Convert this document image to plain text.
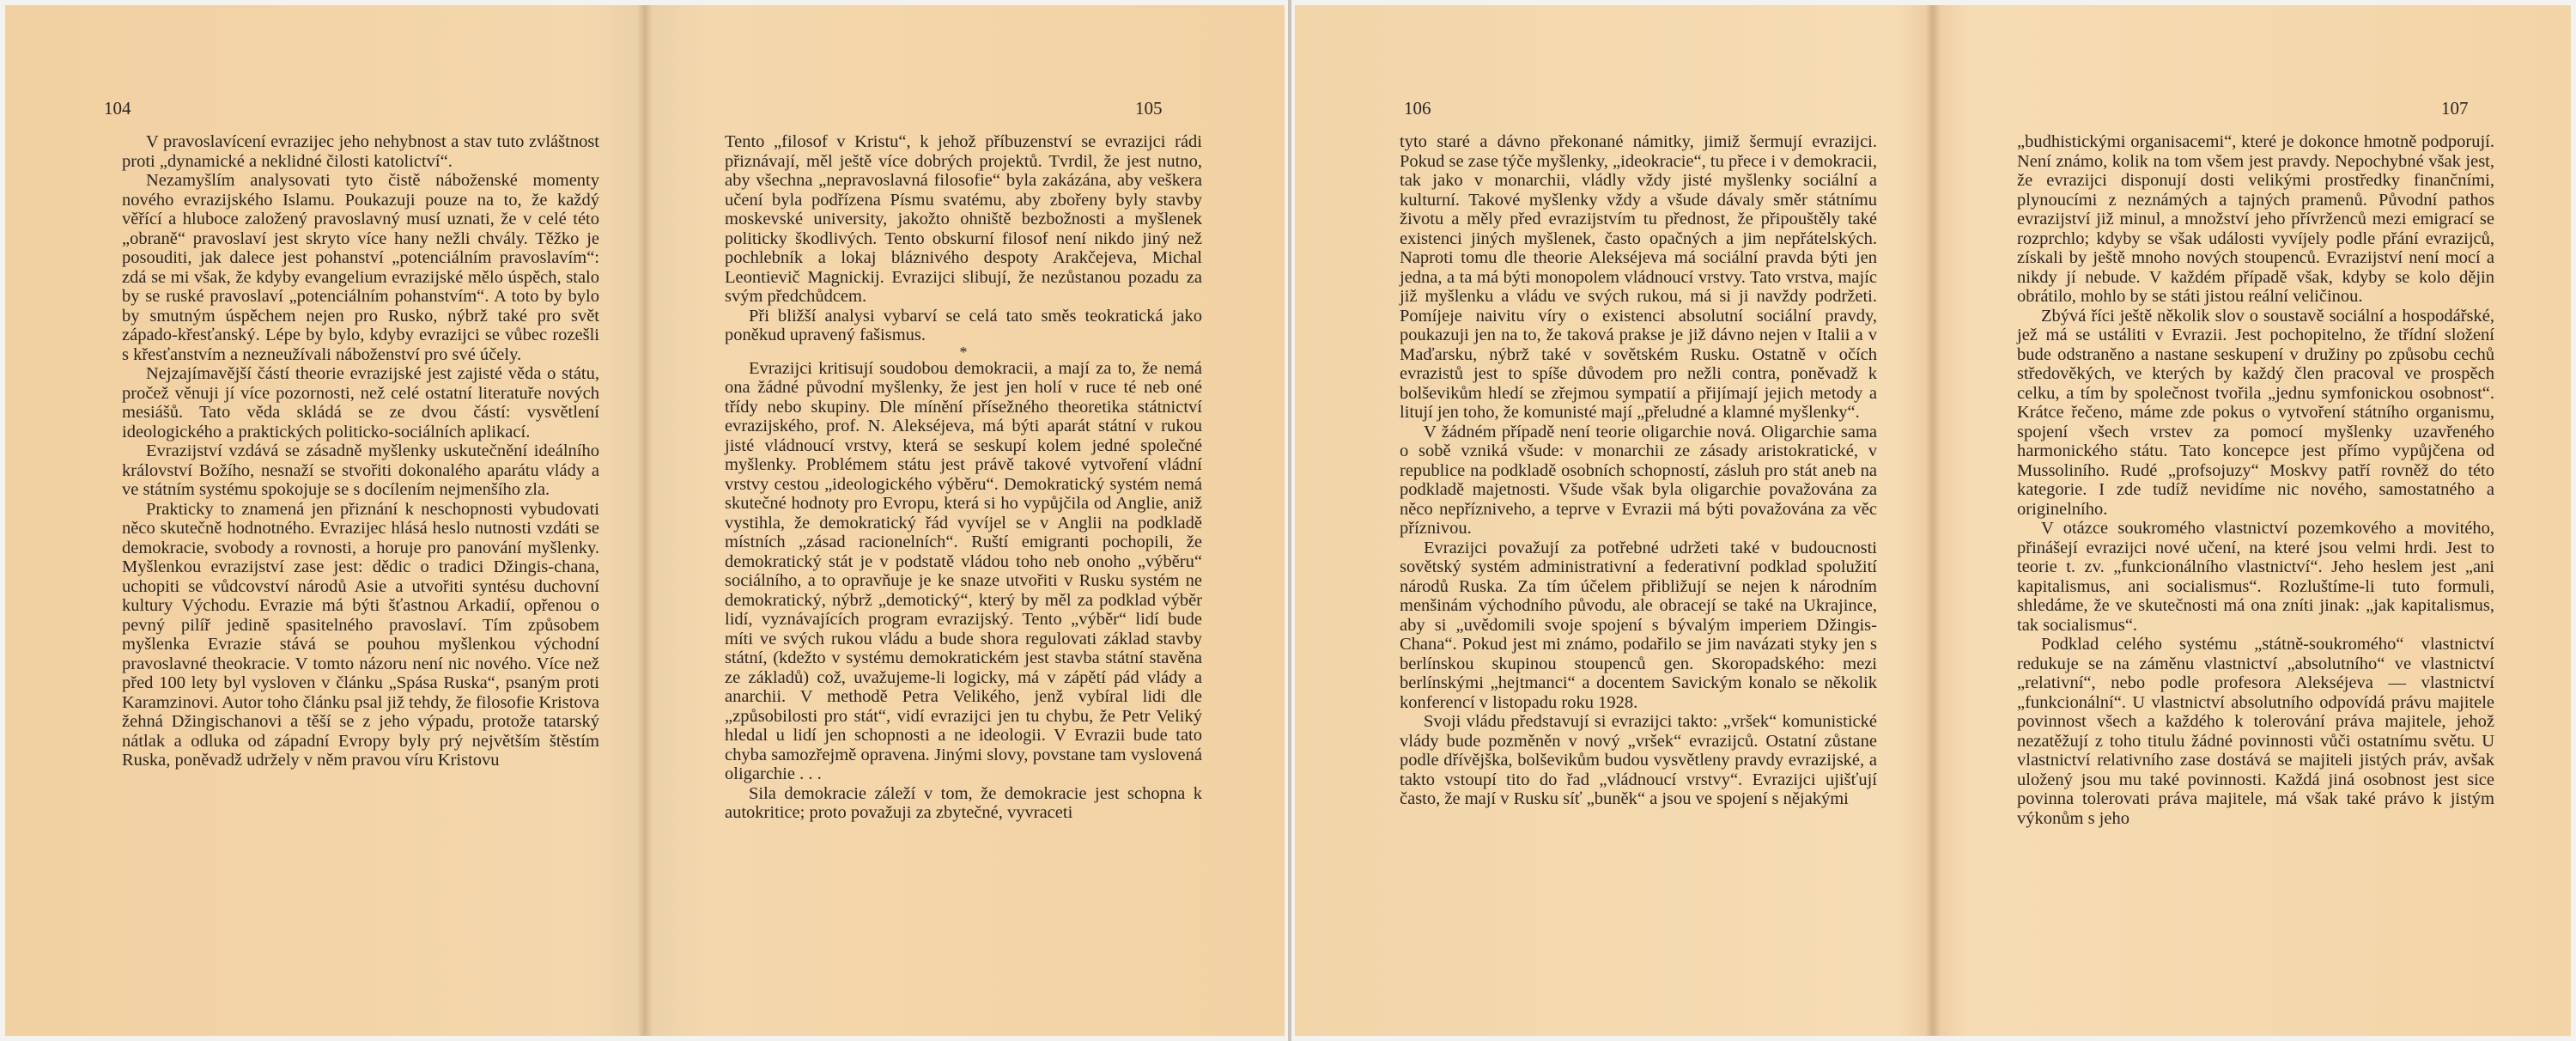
104

V pravoslavícení evrazijec jeho nehybnost a stav tuto zvláštnost proti „dynamické a neklidné čilosti katolictví“.

Nezamyšlím analysovati tyto čistě náboženské momenty nového evrazijského Islamu. Poukazuji pouze na to, že každý věřící a hluboce založený pravoslavný musí uznati, že v celé této „obraně“ pravoslaví jest skryto více hany nežli chvály. Těžko je posouditi, jak dalece jest pohanství „potenciálním pravoslavím“: zdá se mi však, že kdyby evangelium evrazijské mělo úspěch, stalo by se ruské pravoslaví „potenciálním pohanstvím“. A toto by bylo by smutným úspěchem nejen pro Rusko, nýbrž také pro svět západo-křesťanský. Lépe by bylo, kdyby evrazijci se vůbec rozešli s křesťanstvím a nezneužívali náboženství pro své účely.

Nejzajímavější částí theorie evrazijské jest zajisté věda o státu, pročež věnuji jí více pozornosti, než celé ostatní literatuře nových mesiášů. Tato věda skládá se ze dvou částí: vysvětlení ideologického a praktických politicko-sociálních aplikací.

Evrazijství vzdává se zásadně myšlenky uskutečnění ideálního království Božího, nesnaží se stvořiti dokonalého aparátu vlády a ve státním systému spokojuje se s docílením nejmenšího zla.

Prakticky to znamená jen přiznání k neschopnosti vybudovati něco skutečně hodnotného. Evrazijec hlásá heslo nutnosti vzdáti se demokracie, svobody a rovnosti, a horuje pro panování myšlenky. Myšlenkou evrazijství zase jest: dědic o tradici Džingis-chana, uchopiti se vůdcovství národů Asie a utvořiti syntésu duchovní kultury Východu. Evrazie má býti šťastnou Arkadií, opřenou o pevný pilíř jedině spasitelného pravoslaví. Tím způsobem myšlenka Evrazie stává se pouhou myšlenkou východní pravoslavné theokracie. V tomto názoru není nic nového. Více než před 100 lety byl vysloven v článku „Spása Ruska“, psaným proti Karamzinovi. Autor toho článku psal již tehdy, že filosofie Kristova žehná Džingischanovi a těší se z jeho výpadu, protože tatarský nátlak a odluka od západní Evropy byly prý největším štěstím Ruska, poněvadž udržely v něm pravou víru Kristovu

105

Tento „filosof v Kristu“, k jehož příbuzenství se evrazijci rádi přiznávají, měl ještě více dobrých projektů. Tvrdil, že jest nutno, aby všechna „nepravoslavná filosofie“ byla zakázána, aby veškera učení byla podřízena Písmu svatému, aby zbořeny byly stavby moskevské university, jakožto ohniště bezbožnosti a myšlenek politicky škodlivých. Tento obskurní filosof není nikdo jiný než pochlebník a lokaj bláznivého despoty Arakčejeva, Michal Leontievič Magnickij. Evrazijci slibují, že nezůstanou pozadu za svým předchůdcem.

Při bližší analysi vybarví se celá tato směs teokratická jako poněkud upravený fašismus.

*

Evrazijci kritisují soudobou demokracii, a mají za to, že nemá ona žádné původní myšlenky, že jest jen holí v ruce té neb oné třídy nebo skupiny. Dle mínění přísežného theoretika státnictví evrazijského, prof. N. Alekséjeva, má býti aparát státní v rukou jisté vládnoucí vrstvy, která se seskupí kolem jedné společné myšlenky. Problémem státu jest právě takové vytvoření vládní vrstvy cestou „ideologického výběru“. Demokratický systém nemá skutečné hodnoty pro Evropu, která si ho vypůjčila od Anglie, aniž vystihla, že demokratický řád vyvíjel se v Anglii na podkladě místních „zásad racionelních“. Ruští emigranti pochopili, že demokratický stát je v podstatě vládou toho neb onoho „výběru“ sociálního, a to opravňuje je ke snaze utvořiti v Rusku systém ne demokratický, nýbrž „demotický“, který by měl za podklad výběr lidí, vyznávajících program evrazijský. Tento „výběr“ lidí bude míti ve svých rukou vládu a bude shora regulovati základ stavby státní, (kdežto v systému demokratickém jest stavba státní stavěna ze základů) což, uvažujeme-li logicky, má v zápětí pád vlády a anarchii. V methodě Petra Velikého, jenž vybíral lidi dle „způsobilosti pro stát“, vidí evrazijci jen tu chybu, že Petr Veliký hledal u lidí jen schopnosti a ne ideologii. V Evrazii bude tato chyba samozřejmě opravena. Jinými slovy, povstane tam vyslovená oligarchie . . .

Sila demokracie záleží v tom, že demokracie jest schopna k autokritice; proto považuji za zbytečné, vyvraceti

106

tyto staré a dávno překonané námitky, jimiž šermují evrazijci. Pokud se zase týče myšlenky, „ideokracie“, tu přece i v demokracii, tak jako v monarchii, vládly vždy jisté myšlenky sociální a kulturní. Takové myšlenky vždy a všude dávaly směr státnímu životu a měly před evrazijstvím tu přednost, že připouštěly také existenci jiných myšlenek, často opačných a jim nepřátelských. Naproti tomu dle theorie Alekséjeva má sociální pravda býti jen jedna, a ta má býti monopolem vládnoucí vrstvy. Tato vrstva, majíc již myšlenku a vládu ve svých rukou, má si ji navždy podržeti. Pomíjeje naivitu víry o existenci absolutní sociální pravdy, poukazuji jen na to, že taková prakse je již dávno nejen v Italii a v Maďarsku, nýbrž také v sovětském Rusku. Ostatně v očích evrazistů jest to spíše důvodem pro nežli contra, poněvadž k bolševikům hledí se zřejmou sympatií a přijímají jejich metody a litují jen toho, že komunisté mají „přeludné a klamné myšlenky“.

V žádném případě není teorie oligarchie nová. Oligarchie sama o sobě vzniká všude: v monarchii ze zásady aristokratické, v republice na podkladě osobních schopností, zásluh pro stát aneb na podkladě majetnosti. Všude však byla oligarchie považována za něco nepřízniveho, a teprve v Evrazii má býti považována za věc příznivou.

Evrazijci považují za potřebné udržeti také v budoucnosti sovětský systém administrativní a federativní podklad spolužití národů Ruska. Za tím účelem přibližují se nejen k národním menšinám východního původu, ale obracejí se také na Ukrajince, aby si „uvědomili svoje spojení s bývalým imperiem Džingis-Chana“. Pokud jest mi známo, podařilo se jim navázati styky jen s berlínskou skupinou stoupenců gen. Skoropadského: mezi berlínskými „hejtmanci“ a docentem Savickým konalo se několik konferencí v listopadu roku 1928.

Svoji vládu představují si evrazijci takto: „vršek“ komunistické vlády bude pozměněn v nový „vršek“ evrazijců. Ostatní zůstane podle dřívějška, bolševikům budou vysvětleny pravdy evrazijské, a takto vstoupí tito do řad „vládnoucí vrstvy“. Evrazijci ujišťují často, že mají v Rusku síť „buněk“ a jsou ve spojení s nějakými

107

„budhistickými organisacemi“, které je dokonce hmotně podporují. Není známo, kolik na tom všem jest pravdy. Nepochybné však jest, že evrazijci disponují dosti velikými prostředky finančními, plynoucími z neznámých a tajných pramenů. Původní pathos evrazijství již minul, a množství jeho přívrženců mezi emigrací se rozprchlo; kdyby se však události vyvíjely podle přání evrazijců, získali by ještě mnoho nových stoupenců. Evrazijství není mocí a nikdy jí nebude. V každém případě však, kdyby se kolo dějin obrátilo, mohlo by se státi jistou reální veličinou.

Zbývá říci ještě několik slov o soustavě sociální a hospodářské, jež má se ustáliti v Evrazii. Jest pochopitelno, že třídní složení bude odstraněno a nastane seskupení v družiny po způsobu cechů středověkých, ve kterých by každý člen pracoval ve prospěch celku, a tím by společnost tvořila „jednu symfonickou osobnost“. Krátce řečeno, máme zde pokus o vytvoření státního organismu, spojení všech vrstev za pomocí myšlenky uzavřeného harmonického státu. Tato koncepce jest přímo vypůjčena od Mussoliního. Rudé „profsojuzy“ Moskvy patří rovněž do této kategorie. I zde tudíž nevidíme nic nového, samostatného a originelního.

V otázce soukromého vlastnictví pozemkového a movitého, přinášejí evrazijci nové učení, na které jsou velmi hrdi. Jest to teorie t. zv. „funkcionálního vlastnictví“. Jeho heslem jest „ani kapitalismus, ani socialismus“. Rozluštíme-li tuto formuli, shledáme, že ve skutečnosti má ona zníti jinak: „jak kapitalismus, tak socialismus“.

Podklad celého systému „státně-soukromého“ vlastnictví redukuje se na záměnu vlastnictví „absolutního“ ve vlastnictví „relativní“, nebo podle profesora Alekséjeva — vlastnictví „funkcionální“. U vlastnictví absolutního odpovídá právu majitele povinnost všech a každého k tolerování práva majitele, jehož nezatěžují z toho titulu žádné povinnosti vůči ostatnímu světu. U vlastnictví relativního zase dostává se majiteli jistých práv, avšak uložený jsou mu také povinnosti. Každá jiná osobnost jest sice povinna tolerovati práva majitele, má však také právo k jistým výkonům s jeho
